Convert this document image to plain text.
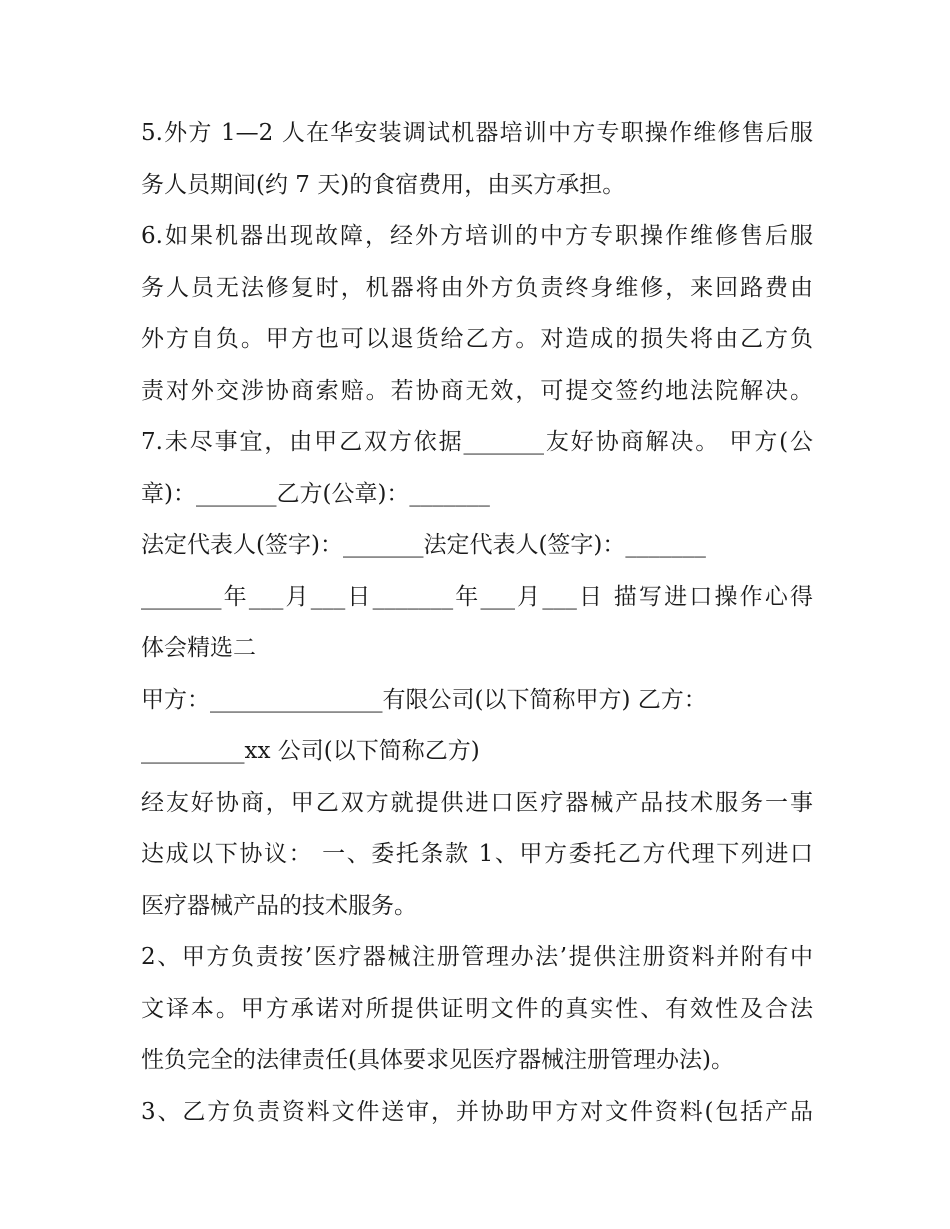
5.外方 1—2 人在华安装调试机器培训中方专职操作维修售后服
务人员期间(约 7 天)的食宿费用，由买方承担。
6.如果机器出现故障，经外方培训的中方专职操作维修售后服
务人员无法修复时，机器将由外方负责终身维修，来回路费由
外方自负。甲方也可以退货给乙方。对造成的损失将由乙方负
责对外交涉协商索赔。若协商无效，可提交签约地法院解决。
7.未尽事宜，由甲乙双方依据_______友好协商解决。 甲方(公
章)：_______乙方(公章)：_______
法定代表人(签字)：_______法定代表人(签字)：_______
_______年___月___日_______年___月___日 描写进口操作心得
体会精选二
甲方：_______________有限公司(以下简称甲方) 乙方：
_________xx 公司(以下简称乙方)
经友好协商，甲乙双方就提供进口医疗器械产品技术服务一事
达成以下协议： 一、委托条款 1、甲方委托乙方代理下列进口
医疗器械产品的技术服务。
2、甲方负责按’医疗器械注册管理办法’提供注册资料并附有中
文译本。甲方承诺对所提供证明文件的真实性、有效性及合法
性负完全的法律责任(具体要求见医疗器械注册管理办法)。
3、乙方负责资料文件送审，并协助甲方对文件资料(包括产品
